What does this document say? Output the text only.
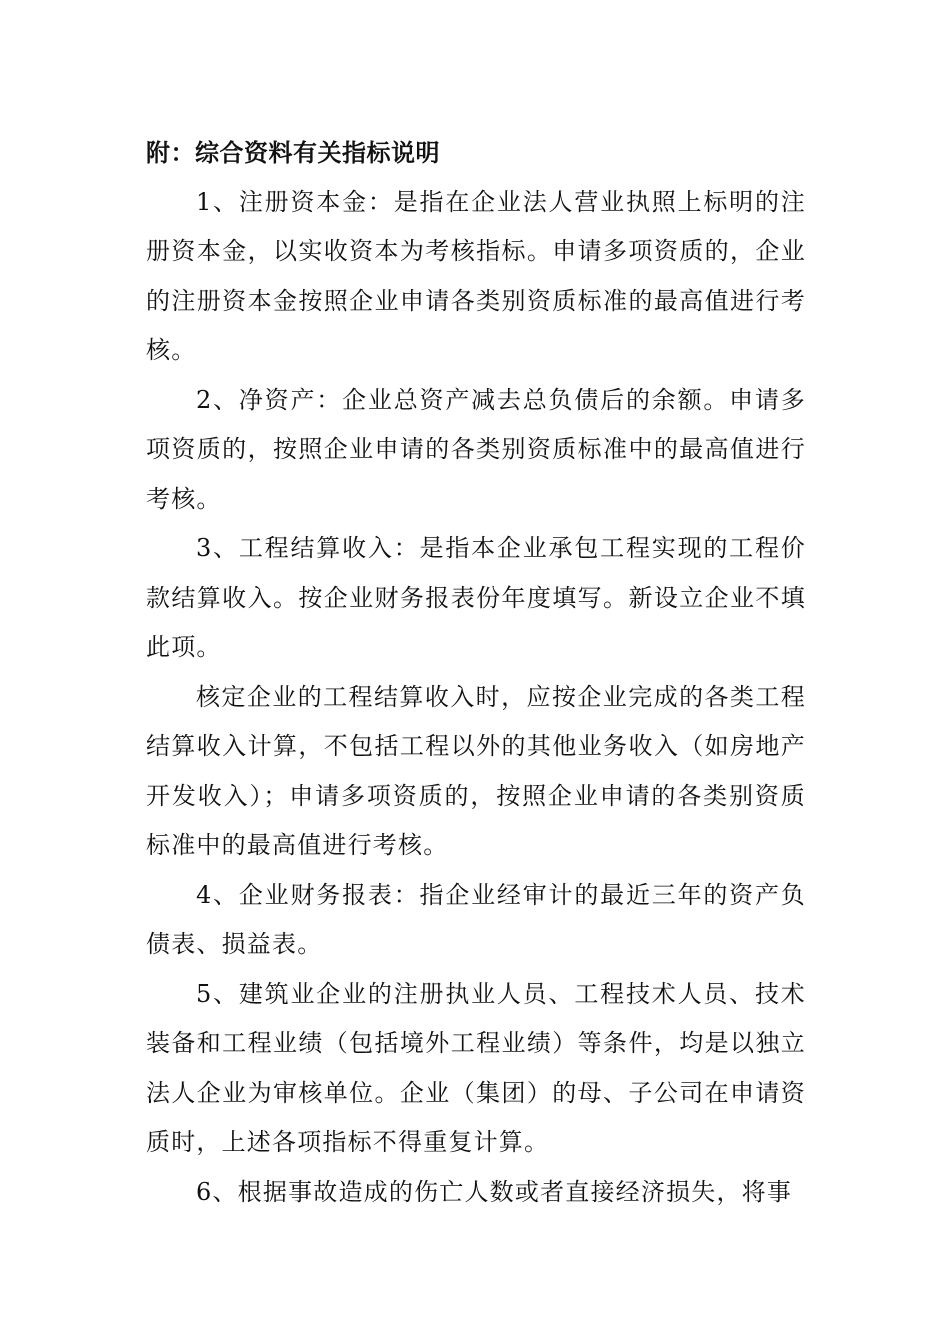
附：综合资料有关指标说明

1、注册资本金：是指在企业法人营业执照上标明的注册资本金，以实收资本为考核指标。申请多项资质的，企业的注册资本金按照企业申请各类别资质标准的最高值进行考核。

2、净资产：企业总资产减去总负债后的余额。申请多项资质的，按照企业申请的各类别资质标准中的最高值进行考核。

3、工程结算收入：是指本企业承包工程实现的工程价款结算收入。按企业财务报表份年度填写。新设立企业不填此项。

核定企业的工程结算收入时，应按企业完成的各类工程结算收入计算，不包括工程以外的其他业务收入（如房地产开发收入）；申请多项资质的，按照企业申请的各类别资质标准中的最高值进行考核。

4、企业财务报表：指企业经审计的最近三年的资产负债表、损益表。

5、建筑业企业的注册执业人员、工程技术人员、技术装备和工程业绩（包括境外工程业绩）等条件，均是以独立法人企业为审核单位。企业（集团）的母、子公司在申请资质时，上述各项指标不得重复计算。

6、根据事故造成的伤亡人数或者直接经济损失，将事
